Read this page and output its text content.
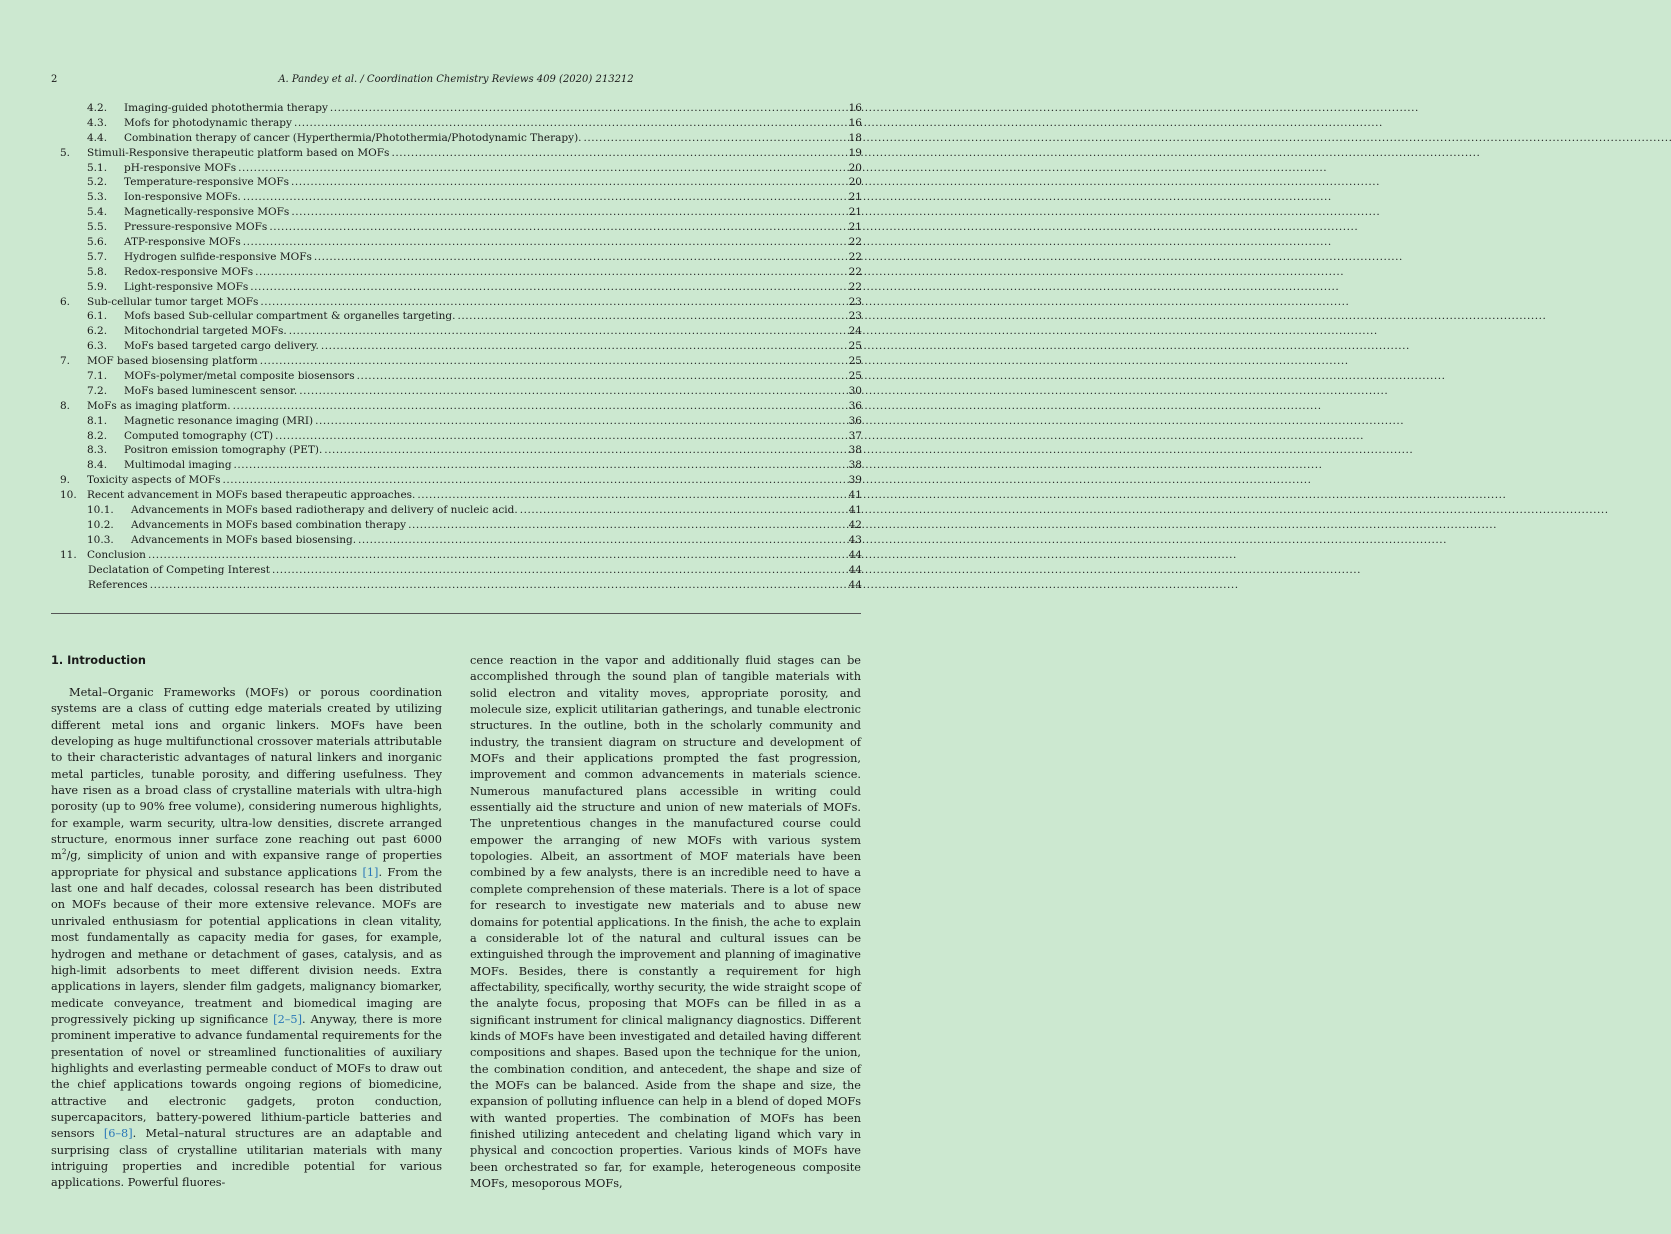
2	A. Pandey et al. / Coordination Chemistry Reviews 409 (2020) 213212
4.2. Imaging-guided photothermia therapy . . .	16
4.3. Mofs for photodynamic therapy . . .	16
4.4. Combination therapy of cancer (Hyperthermia/Photothermia/Photodynamic Therapy). . . .	18
5. Stimuli-Responsive therapeutic platform based on MOFs . . .	19
5.1. pH-responsive MOFs . . .	20
5.2. Temperature-responsive MOFs . . .	20
5.3. Ion-responsive MOFs. . . .	21
5.4. Magnetically-responsive MOFs . . .	21
5.5. Pressure-responsive MOFs . . .	21
5.6. ATP-responsive MOFs . . .	22
5.7. Hydrogen sulfide-responsive MOFs . . .	22
5.8. Redox-responsive MOFs . . .	22
5.9. Light-responsive MOFs . . .	22
6. Sub-cellular tumor target MOFs . . .	23
6.1. Mofs based Sub-cellular compartment & organelles targeting. . . .	23
6.2. Mitochondrial targeted MOFs. . . .	24
6.3. MoFs based targeted cargo delivery. . . .	25
7. MOF based biosensing platform . . .	25
7.1. MOFs-polymer/metal composite biosensors . . .	25
7.2. MoFs based luminescent sensor. . . .	30
8. MoFs as imaging platform. . . .	36
8.1. Magnetic resonance imaging (MRI) . . .	36
8.2. Computed tomography (CT) . . .	37
8.3. Positron emission tomography (PET). . . .	38
8.4. Multimodal imaging . . .	38
9. Toxicity aspects of MOFs . . .	39
10. Recent advancement in MOFs based therapeutic approaches. . . .	41
10.1. Advancements in MOFs based radiotherapy and delivery of nucleic acid. . . .	41
10.2. Advancements in MOFs based combination therapy . . .	42
10.3. Advancements in MOFs based biosensing. . . .	43
11. Conclusion . . .	44
Declatation of Competing Interest . . .	44
References . . .	44
1. Introduction

Metal–Organic Frameworks (MOFs) or porous coordination systems are a class of cutting edge materials created by utilizing different metal ions and organic linkers. MOFs have been developing as huge multifunctional crossover materials attributable to their characteristic advantages of natural linkers and inorganic metal particles, tunable porosity, and differing usefulness. They have risen as a broad class of crystalline materials with ultra-high porosity (up to 90% free volume), considering numerous highlights, for example, warm security, ultra-low densities, discrete arranged structure, enormous inner surface zone reaching out past 6000 $m^2/g$, simplicity of union and with expansive range of properties appropriate for physical and substance applications [1]. From the last one and half decades, colossal research has been distributed on MOFs because of their more extensive relevance. MOFs are unrivaled enthusiasm for potential applications in clean vitality, most fundamentally as capacity media for gases, for example, hydrogen and methane or detachment of gases, catalysis, and as high-limit adsorbents to meet different division needs. Extra applications in layers, slender film gadgets, malignancy biomarker, medicate conveyance, treatment and biomedical imaging are progressively picking up significance [2–5]. Anyway, there is more prominent imperative to advance fundamental requirements for the presentation of novel or streamlined functionalities of auxiliary highlights and everlasting permeable conduct of MOFs to draw out the chief applications towards ongoing regions of biomedicine, attractive and electronic gadgets, proton conduction, supercapacitors, battery-powered lithium-particle batteries and sensors [6–8]. Metal–natural structures are an adaptable and surprising class of crystalline utilitarian materials with many intriguing properties and incredible potential for various applications. Powerful fluores-

cence reaction in the vapor and additionally fluid stages can be accomplished through the sound plan of tangible materials with solid electron and vitality moves, appropriate porosity, and molecule size, explicit utilitarian gatherings, and tunable electronic structures. In the outline, both in the scholarly community and industry, the transient diagram on structure and development of MOFs and their applications prompted the fast progression, improvement and common advancements in materials science. Numerous manufactured plans accessible in writing could essentially aid the structure and union of new materials of MOFs. The unpretentious changes in the manufactured course could empower the arranging of new MOFs with various system topologies. Albeit, an assortment of MOF materials have been combined by a few analysts, there is an incredible need to have a complete comprehension of these materials. There is a lot of space for research to investigate new materials and to abuse new domains for potential applications. In the finish, the ache to explain a considerable lot of the natural and cultural issues can be extinguished through the improvement and planning of imaginative MOFs. Besides, there is constantly a requirement for high affectability, specifically, worthy security, the wide straight scope of the analyte focus, proposing that MOFs can be filled in as a significant instrument for clinical malignancy diagnostics. Different kinds of MOFs have been investigated and detailed having different compositions and shapes. Based upon the technique for the union, the combination condition, and antecedent, the shape and size of the MOFs can be balanced. Aside from the shape and size, the expansion of polluting influence can help in a blend of doped MOFs with wanted properties. The combination of MOFs has been finished utilizing antecedent and chelating ligand which vary in physical and concoction properties. Various kinds of MOFs have been orchestrated so far, for example, heterogeneous composite MOFs, mesoporous MOFs,
